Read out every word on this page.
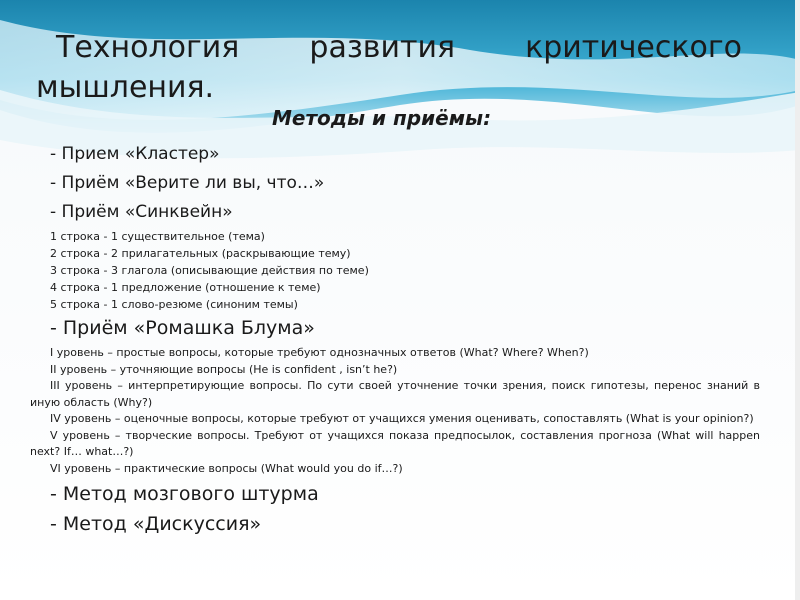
Технология развития критического
мышления.
Методы и приёмы:
- Прием «Кластер»
- Приём «Верите ли вы, что…»
- Приём «Синквейн»
1 строка - 1 существительное (тема)
2 строка - 2 прилагательных (раскрывающие тему)
3 строка - 3 глагола (описывающие действия по теме)
4 строка - 1 предложение (отношение к теме)
5 строка - 1 слово-резюме (синоним темы)
- Приём «Ромашка Блума»
I уровень – простые вопросы, которые требуют однозначных ответов (What? Where? When?)
II уровень – уточняющие вопросы (He is confident , isn’t he?)
III уровень – интерпретирующие вопросы. По сути своей уточнение точки зрения, поиск гипотезы, перенос знаний в иную область (Why?)
IV уровень – оценочные вопросы, которые требуют от учащихся умения оценивать, сопоставлять (What is your opinion?)
V уровень – творческие вопросы. Требуют от учащихся показа предпосылок, составления прогноза (What will happen next? If… what…?)
VI уровень – практические вопросы (What would you do if…?)
- Метод мозгового штурма
- Метод «Дискуссия»
